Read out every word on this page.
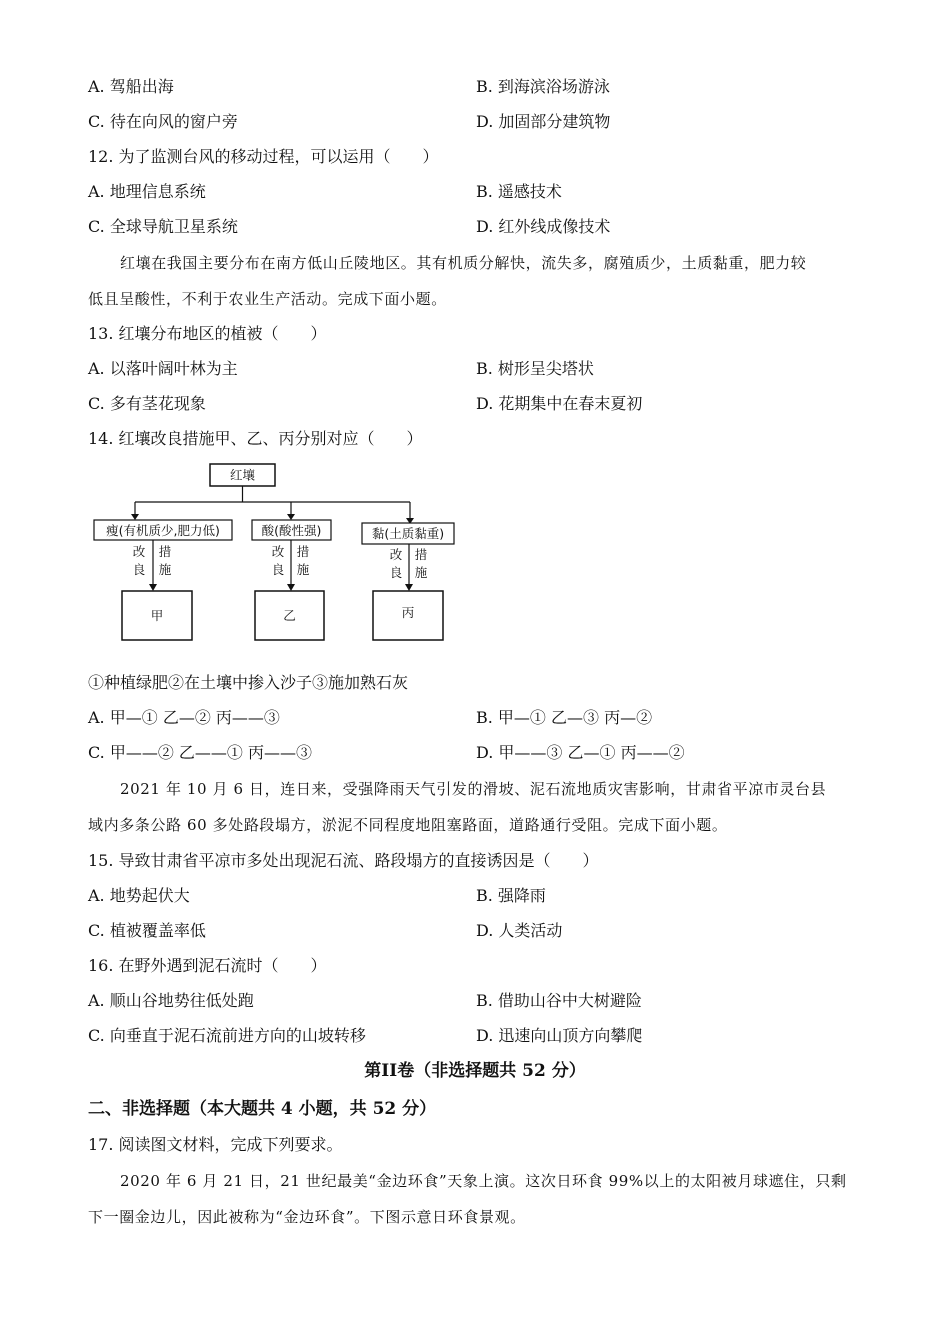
A. 驾船出海	B. 到海滨浴场游泳
C. 待在向风的窗户旁	D. 加固部分建筑物
12. 为了监测台风的移动过程，可以运用（　　）
A. 地理信息系统	B. 遥感技术
C. 全球导航卫星系统	D. 红外线成像技术
红壤在我国主要分布在南方低山丘陵地区。其有机质分解快，流失多，腐殖质少，土质黏重，肥力较
低且呈酸性，不利于农业生产活动。完成下面小题。
13. 红壤分布地区的植被（　　）
A. 以落叶阔叶林为主	B. 树形呈尖塔状
C. 多有茎花现象	D. 花期集中在春末夏初
14. 红壤改良措施甲、乙、丙分别对应（　　）
红壤
瘦(有机质少,肥力低)
改
良
措
施
甲
酸(酸性强)
改
良
措
施
乙
黏(土质黏重)
改
良
措
施
丙
①种植绿肥②在土壤中掺入沙子③施加熟石灰
A. 甲—① 乙—② 丙——③	B. 甲—① 乙—③ 丙—②
C. 甲——② 乙——① 丙——③	D. 甲——③ 乙—① 丙——②
2021 年 10 月 6 日，连日来，受强降雨天气引发的滑坡、泥石流地质灾害影响，甘肃省平凉市灵台县
域内多条公路 60 多处路段塌方，淤泥不同程度地阻塞路面，道路通行受阻。完成下面小题。
15. 导致甘肃省平凉市多处出现泥石流、路段塌方的直接诱因是（　　）
A. 地势起伏大	B. 强降雨
C. 植被覆盖率低	D. 人类活动
16. 在野外遇到泥石流时（　　）
A. 顺山谷地势往低处跑	B. 借助山谷中大树避险
C. 向垂直于泥石流前进方向的山坡转移	D. 迅速向山顶方向攀爬
第II卷（非选择题共 52 分）
二、非选择题（本大题共 4 小题，共 52 分）
17. 阅读图文材料，完成下列要求。
2020 年 6 月 21 日，21 世纪最美“金边环食”天象上演。这次日环食 99%以上的太阳被月球遮住，只剩
下一圈金边儿，因此被称为“金边环食”。下图示意日环食景观。
